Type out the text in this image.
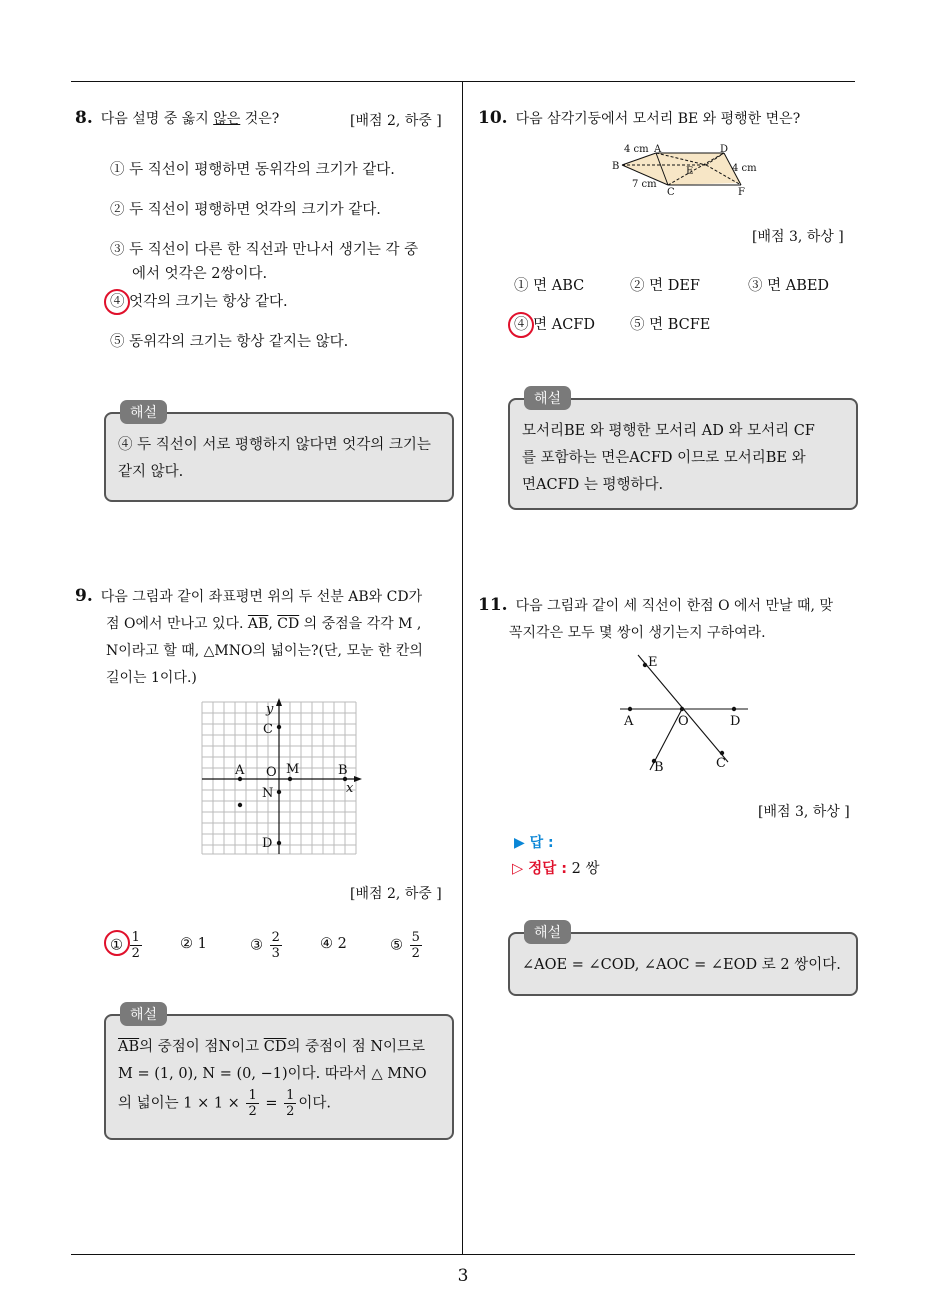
3
8. 다음 설명 중 옳지 않은 것은?	[배점 2, 하중 ]
① 두 직선이 평행하면 동위각의 크기가 같다.
② 두 직선이 평행하면 엇각의 크기가 같다.
③ 두 직선이 다른 한 직선과 만나서 생기는 각 중
에서 엇각은 2쌍이다.
④ 엇각의 크기는 항상 같다.
⑤ 동위각의 크기는 항상 같지는 않다.
해설
④ 두 직선이 서로 평행하지 않다면 엇각의 크기는
같지 않다.
9. 다음 그림과 같이 좌표평면 위의 두 선분 AB와 CD가
점 O에서 만나고 있다. $\overline{AB}$, $\overline{CD}$ 의 중점을 각각 M ,
N이라고 할 때, △MNO의 넓이는?(단, 모눈 한 칸의
길이는 1이다.)
y
x
C
A O M	B
N
D
[배점 2, 하중 ]
① $\frac{1}{2}$	② 1	③ $\frac{2}{3}$	④ 2	⑤ $\frac{5}{2}$
해설
$\overline{AB}$의 중점이 점N이고 $\overline{CD}$의 중점이 점 N이므로
M = (1, 0), N = (0, −1)이다. 따라서 △ MNO
의 넓이는 $1 \times 1 \times \frac{1}{2} = \frac{1}{2}$ 이다.
10. 다음 삼각기둥에서 모서리 BE 와 평행한 면은?
4 cm A	D
B	E	4 cm
7 cm
C	F
[배점 3, 하상 ]
① 면 ABC	② 면 DEF	③ 면 ABED
④ 면 ACFD ⑤ 면 BCFE
해설
모서리BE 와 평행한 모서리 AD 와 모서리 CF
를 포함하는 면은ACFD 이므로 모서리BE 와
면ACFD 는 평행하다.
11. 다음 그림과 같이 세 직선이 한점 O 에서 만날 때, 맞
꼭지각은 모두 몇 쌍이 생기는지 구하여라.
E
A	O	D
B	C
[배점 3, 하상 ]
▶ 답 :
▷ 정답 : 2 쌍
해설
∠AOE = ∠COD, ∠AOC = ∠EOD 로 2 쌍이다.
